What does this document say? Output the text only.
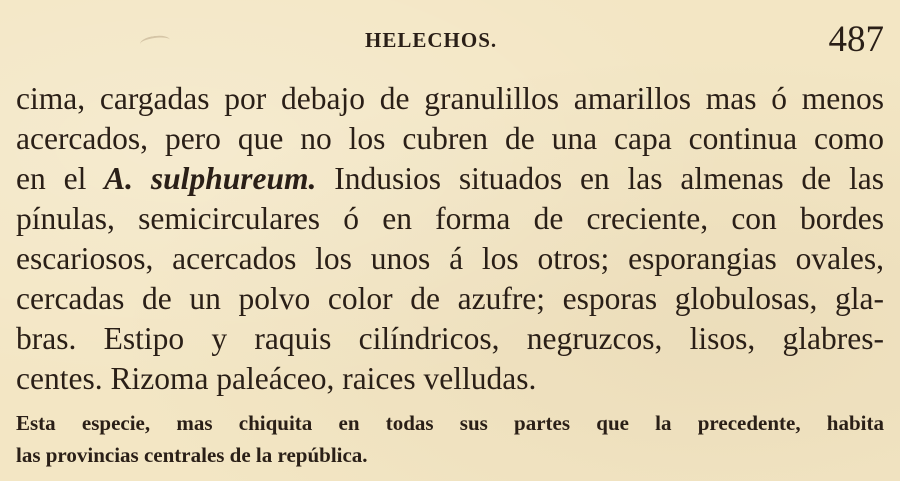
HELECHOS.	487
cima, cargadas por debajo de granulillos amarillos mas ó menos
acercados, pero que no los cubren de una capa continua como
en el A. sulphureum. Indusios situados en las almenas de las
pínulas, semicirculares ó en forma de creciente, con bordes
escariosos, acercados los unos á los otros; esporangias ovales,
cercadas de un polvo color de azufre; esporas globulosas, gla-
bras. Estipo y raquis cilíndricos, negruzcos, lisos, glabres-
centes. Rizoma paleáceo, raices velludas.
Esta especie, mas chiquita en todas sus partes que la precedente, habita
las provincias centrales de la república.
